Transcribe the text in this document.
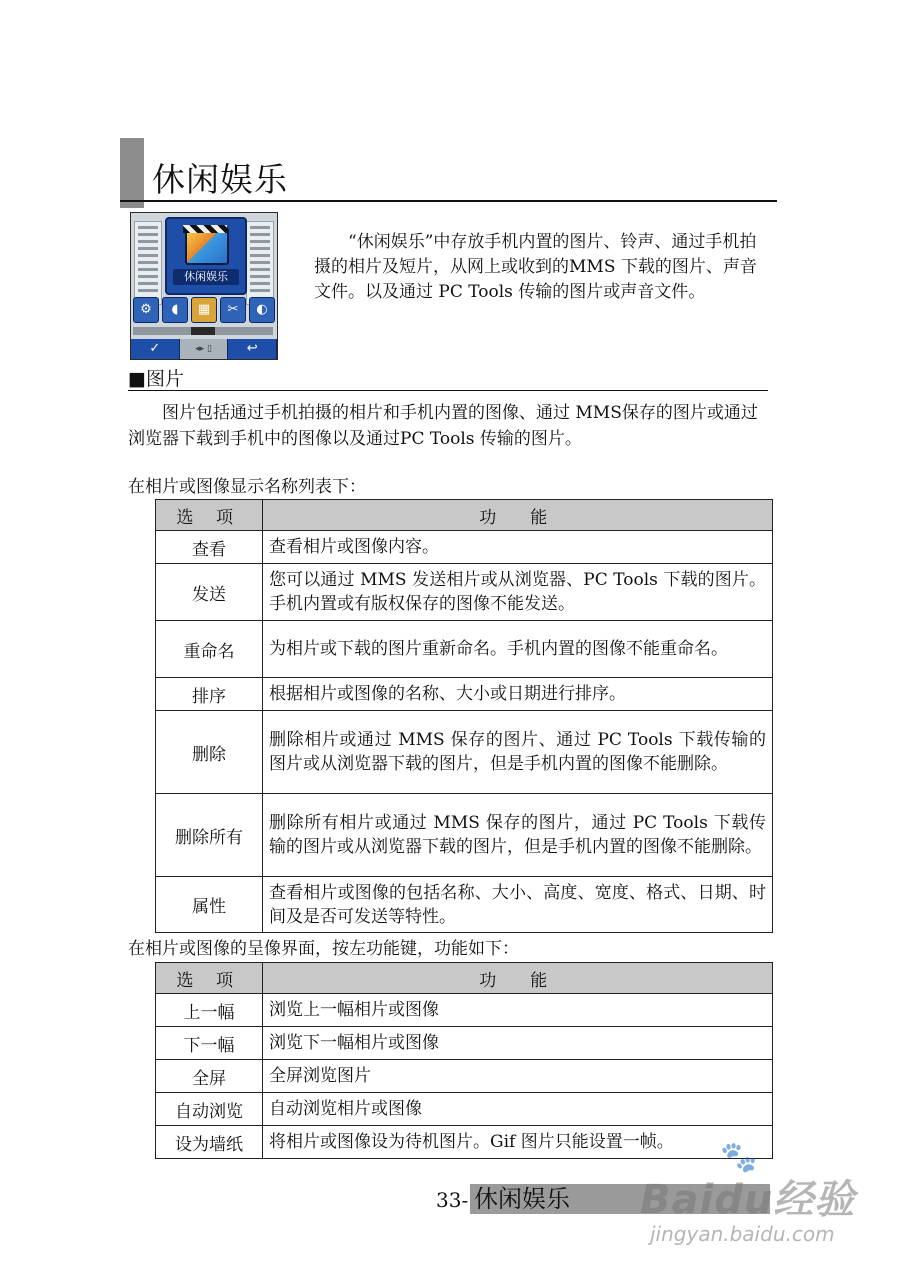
休闲娱乐
休闲娱乐
⚙	◖	▦	✂	◐
✓	◂▸ ▯	↩

“休闲娱乐”中存放手机内置的图片、铃声、通过手机拍摄的相片及短片，从网上或收到的MMS 下载的图片、声音文件。以及通过 PC Tools 传输的图片或声音文件。

■图片

图片包括通过手机拍摄的相片和手机内置的图像、通过 MMS保存的图片或通过浏览器下载到手机中的图像以及通过PC Tools 传输的图片。

在相片或图像显示名称列表下：
选 项	功　能
查看	查看相片或图像内容。
发送	您可以通过 MMS 发送相片或从浏览器、PC Tools 下载的图片。手机内置或有版权保存的图像不能发送。
重命名	为相片或下载的图片重新命名。手机内置的图像不能重命名。
排序	根据相片或图像的名称、大小或日期进行排序。
删除	删除相片或通过 MMS 保存的图片、通过 PC Tools 下载传输的图片或从浏览器下载的图片，但是手机内置的图像不能删除。
删除所有	删除所有相片或通过 MMS 保存的图片，通过 PC Tools 下载传输的图片或从浏览器下载的图片，但是手机内置的图像不能删除。
属性	查看相片或图像的包括名称、大小、高度、宽度、格式、日期、时间及是否可发送等特性。
在相片或图像的呈像界面，按左功能键，功能如下：
选 项	功　能
上一幅	浏览上一幅相片或图像
下一幅	浏览下一幅相片或图像
全屏	全屏浏览图片
自动浏览	自动浏览相片或图像
设为墙纸	将相片或图像设为待机图片。Gif 图片只能设置一帧。
33- 休闲娱乐
🐾
Baidu经验
jingyan.baidu.com
